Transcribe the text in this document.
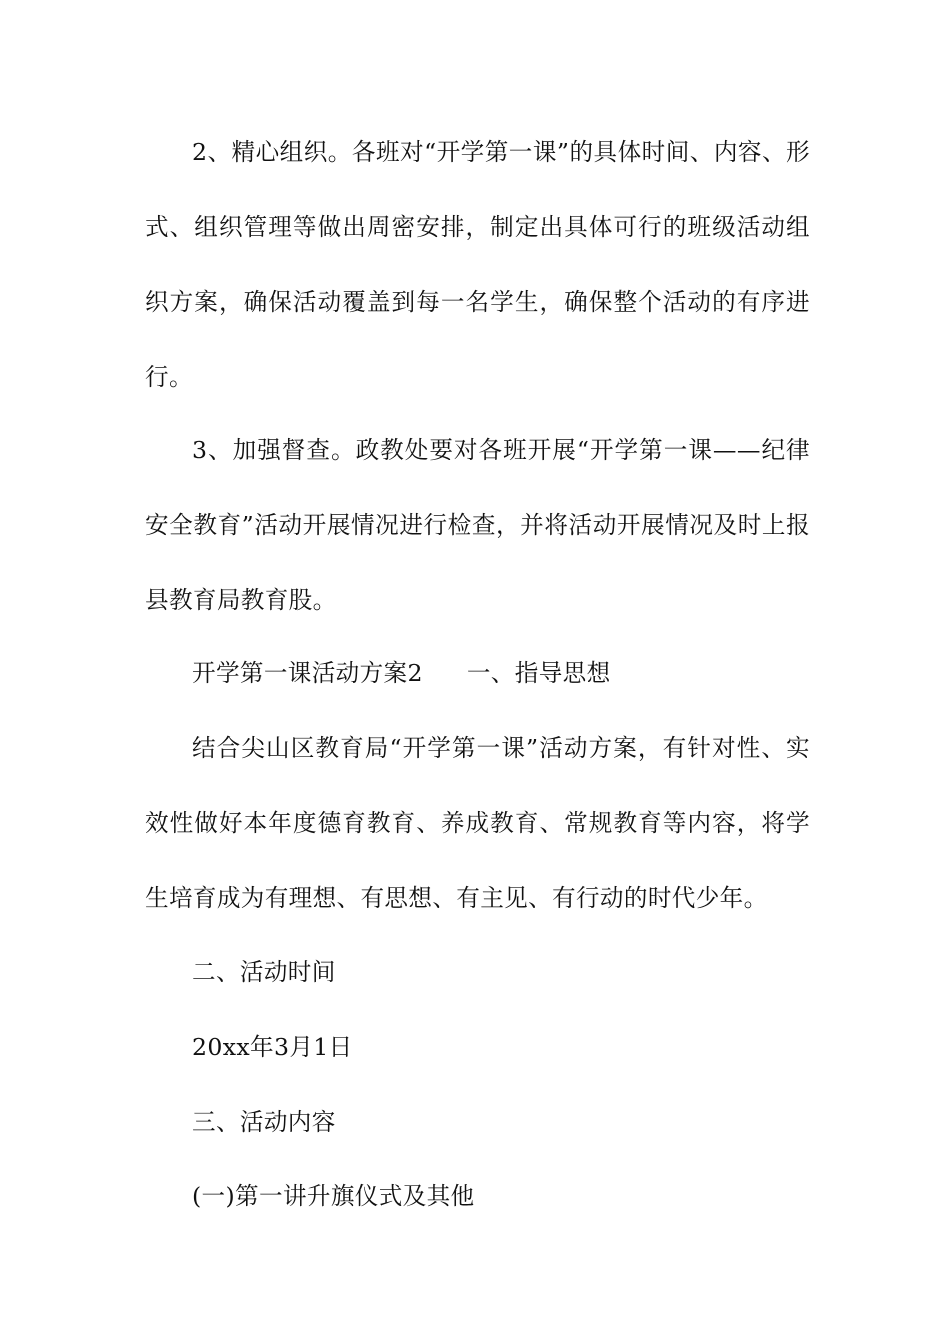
2、精心组织。各班对“开学第一课”的具体时间、内容、形式、组织管理等做出周密安排，制定出具体可行的班级活动组织方案，确保活动覆盖到每一名学生，确保整个活动的有序进行。

3、加强督查。政教处要对各班开展“开学第一课——纪律安全教育”活动开展情况进行检查，并将活动开展情况及时上报县教育局教育股。

开学第一课活动方案2 一、指导思想

结合尖山区教育局“开学第一课”活动方案，有针对性、实效性做好本年度德育教育、养成教育、常规教育等内容，将学生培育成为有理想、有思想、有主见、有行动的时代少年。

二、活动时间

20xx年3月1日

三、活动内容

(一)第一讲升旗仪式及其他
